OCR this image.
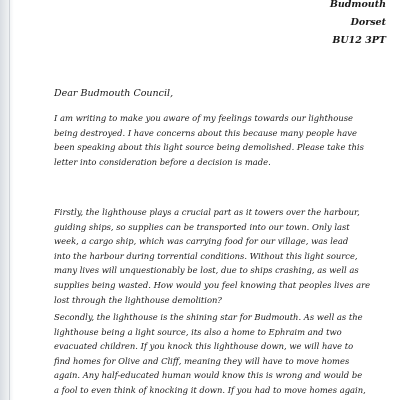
Budmouth
Dorset
BU12 3PT
Dear Budmouth Council,
I am writing to make you aware of my feelings towards our lighthouse
being destroyed. I have concerns about this because many people have
been speaking about this light source being demolished. Please take this
letter into consideration before a decision is made.
Firstly, the lighthouse plays a crucial part as it towers over the harbour,
guiding ships, so supplies can be transported into our town. Only last
week, a cargo ship, which was carrying food for our village, was lead
into the harbour during torrential conditions. Without this light source,
many lives will unquestionably be lost, due to ships crashing, as well as
supplies being wasted. How would you feel knowing that peoples lives are
lost through the lighthouse demolition?
Secondly, the lighthouse is the shining star for Budmouth. As well as the
lighthouse being a light source, its also a home to Ephraim and two
evacuated children. If you knock this lighthouse down, we will have to
find homes for Olive and Cliff, meaning they will have to move homes
again. Any half-educated human would know this is wrong and would be
a fool to even think of knocking it down. If you had to move homes again,
